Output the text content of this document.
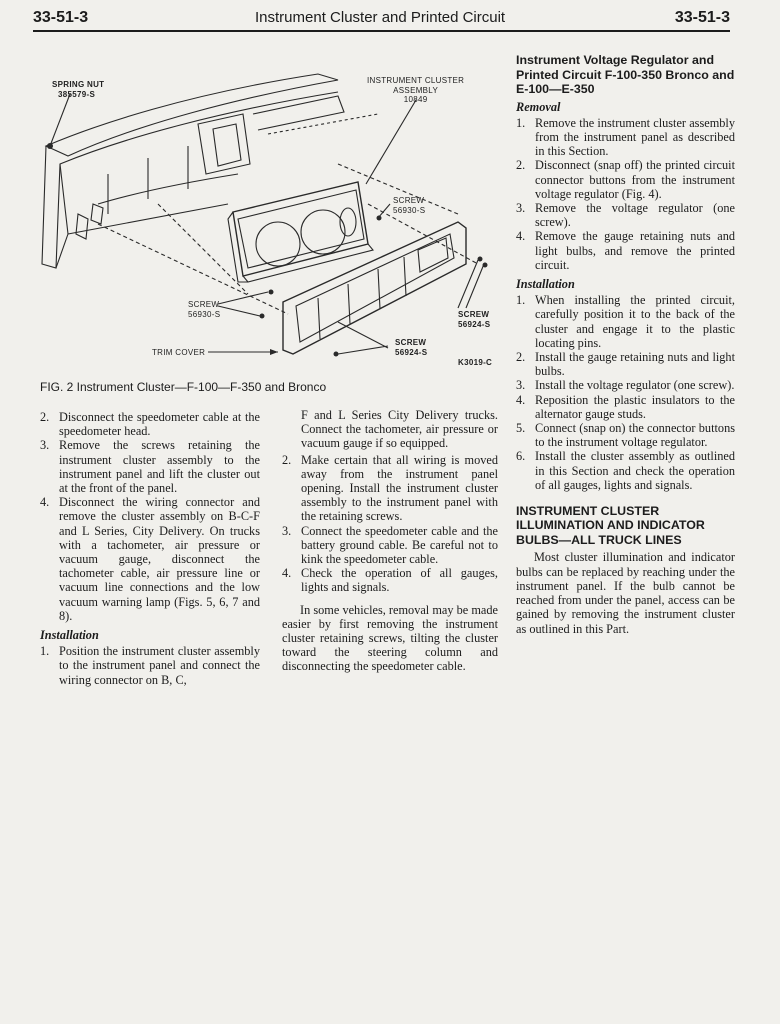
33-51-3	Instrument Cluster and Printed Circuit	33-51-3
SPRING NUT
385579-S
INSTRUMENT CLUSTER
ASSEMBLY
10849
SCREW
56930-S
SCREW
56930-S	SCREW
56924-S
SCREW
56924-S
TRIM COVER
K3019-C
FIG. 2 Instrument Cluster—F-100—F-350 and Bronco
2. Disconnect the speedometer cable at the speedometer head.
3. Remove the screws retaining the instrument cluster assembly to the instrument panel and lift the cluster out at the front of the panel.
4. Disconnect the wiring connector and remove the cluster assembly on B-C-F and L Series, City Delivery. On trucks with a tachometer, air pressure or vacuum gauge, disconnect the tachometer cable, air pressure line or vacuum line connections and the low vacuum warning lamp (Figs. 5, 6, 7 and 8).
Installation
1. Position the instrument cluster assembly to the instrument panel and connect the wiring connector on B, C,

F and L Series City Delivery trucks. Connect the tachometer, air pressure or vacuum gauge if so equipped.

2. Make certain that all wiring is moved away from the instrument panel opening. Install the instrument cluster assembly to the instrument panel with the retaining screws.
3. Connect the speedometer cable and the battery ground cable. Be careful not to kink the speedometer cable.
4. Check the operation of all gauges, lights and signals.

In some vehicles, removal may be made easier by first removing the instrument cluster retaining screws, tilting the cluster toward the steering column and disconnecting the speedometer cable.

Instrument Voltage Regulator and Printed Circuit F-100-350 Bronco and E-100—E-350
Removal
1. Remove the instrument cluster assembly from the instrument panel as described in this Section.
2. Disconnect (snap off) the printed circuit connector buttons from the instrument voltage regulator (Fig. 4).
3. Remove the voltage regulator (one screw).
4. Remove the gauge retaining nuts and light bulbs, and remove the printed circuit.
Installation
1. When installing the printed circuit, carefully position it to the back of the cluster and engage it to the plastic locating pins.
2. Install the gauge retaining nuts and light bulbs.
3. Install the voltage regulator (one screw).
4. Reposition the plastic insulators to the alternator gauge studs.
5. Connect (snap on) the connector buttons to the instrument voltage regulator.
6. Install the cluster assembly as outlined in this Section and check the operation of all gauges, lights and signals.
INSTRUMENT CLUSTER ILLUMINATION AND INDICATOR BULBS—ALL TRUCK LINES

Most cluster illumination and indicator bulbs can be replaced by reaching under the instrument panel. If the bulb cannot be reached from under the panel, access can be gained by removing the instrument cluster as outlined in this Part.
